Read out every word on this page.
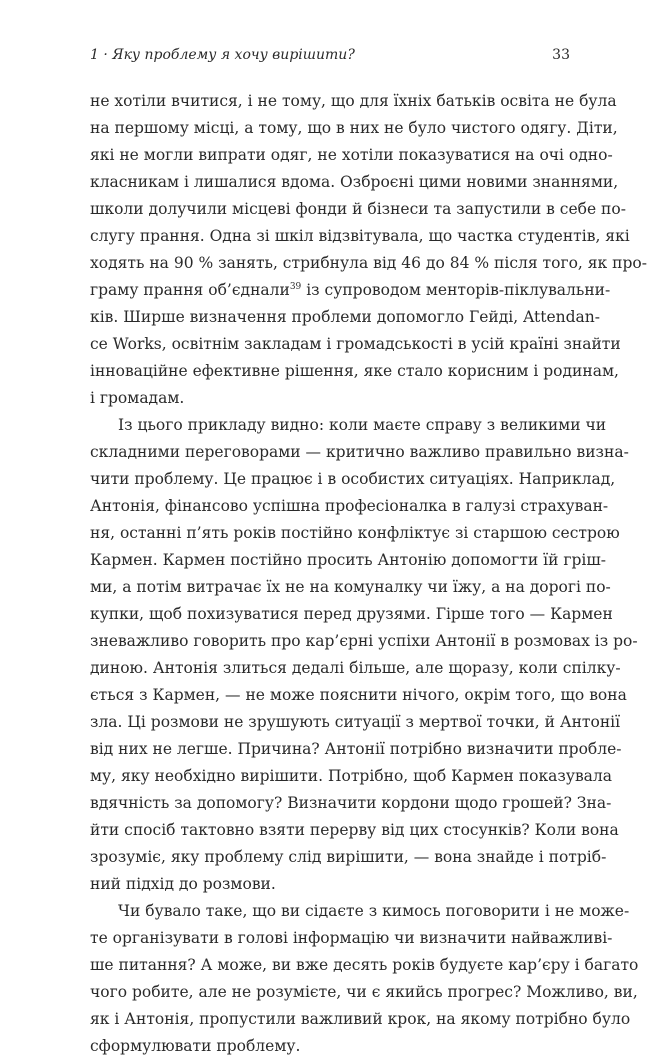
1 · Яку проблему я хочу вирішити?	33

не хотіли вчитися, і не тому, що для їхніх батьків освіта не була
на першому місці, а тому, що в них не було чистого одягу. Діти,
які не могли випрати одяг, не хотіли показуватися на очі одно-
класникам і лишалися вдома. Озброєні цими новими знаннями,
школи долучили місцеві фонди й бізнеси та запустили в себе по-
слугу прання. Одна зі шкіл відзвітувала, що частка студентів, які
ходять на 90 % занять, стрибнула від 46 до 84 % після того, як про-
граму прання об’єднали$^{39}$ із супроводом менторів-піклувальни-
ків. Ширше визначення проблеми допомогло Гейді, Attendan-
ce Works, освітнім закладам і громадськості в усій країні знайти
інноваційне ефективне рішення, яке стало корисним і родинам,
і громадам.

Із цього прикладу видно: коли маєте справу з великими чи
складними переговорами — критично важливо правильно визна-
чити проблему. Це працює і в особистих ситуаціях. Наприклад,
Антонія, фінансово успішна професіоналка в галузі страхуван-
ня, останні п’ять років постійно конфліктує зі старшою сестрою
Кармен. Кармен постійно просить Антонію допомогти їй гріш-
ми, а потім витрачає їх не на комуналку чи їжу, а на дорогі по-
купки, щоб похизуватися перед друзями. Гірше того — Кармен
зневажливо говорить про кар’єрні успіхи Антонії в розмовах із ро-
диною. Антонія злиться дедалі більше, але щоразу, коли спілку-
ється з Кармен, — не може пояснити нічого, окрім того, що вона
зла. Ці розмови не зрушують ситуації з мертвої точки, й Антонії
від них не легше. Причина? Антонії потрібно визначити пробле-
му, яку необхідно вирішити. Потрібно, щоб Кармен показувала
вдячність за допомогу? Визначити кордони щодо грошей? Зна-
йти спосіб тактовно взяти перерву від цих стосунків? Коли вона
зрозуміє, яку проблему слід вирішити, — вона знайде і потріб-
ний підхід до розмови.

Чи бувало таке, що ви сідаєте з кимось поговорити і не може-
те організувати в голові інформацію чи визначити найважливі-
ше питання? А може, ви вже десять років будуєте кар’єру і багато
чого робите, але не розумієте, чи є якийсь прогрес? Можливо, ви,
як і Антонія, пропустили важливий крок, на якому потрібно було
сформулювати проблему.
